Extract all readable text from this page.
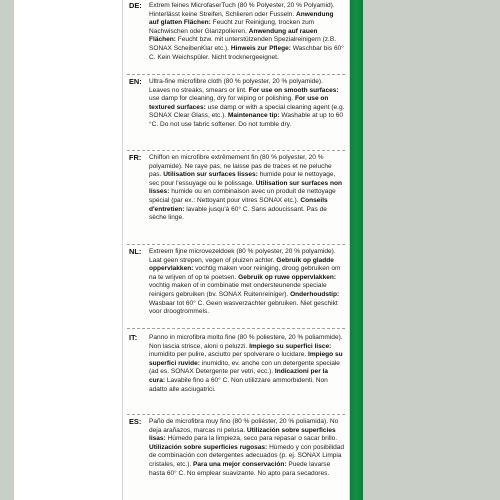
DE: Extrem feines MicrofaserTuch (80 % Polyester, 20 % Polyamid). Hinterlässt keine Streifen, Schlieren oder Fusseln. Anwendung auf glatten Flächen: Feucht zur Reinigung, trocken zum Nachwischen oder Glanzpolieren. Anwendung auf rauen Flächen: Feucht bzw. mit unterstützenden Spezialreinigern (z.B. SONAX ScheibenKlar etc.). Hinweis zur Pflege: Waschbar bis 60° C. Kein Weichspüler. Nicht trocknergeeignet.
EN: Ultra-fine microfibre cloth (80 % polyester, 20 % polyamide). Leaves no streaks, smears or lint. For use on smooth surfaces: use damp for cleaning, dry for wiping or polishing. For use on textured surfaces: use damp or with a special cleaning agent (e.g. SONAX Clear Glass, etc.). Maintenance tip: Washable at up to 60 °C. Do not use fabric softener. Do not tumble dry.
FR: Chiffon en microfibre extrêmement fin (80 % polyester, 20 % polyamide). Ne raye pas, ne laisse pas de traces et ne peluche pas. Utilisation sur surfaces lisses: humide pour le nettoyage, sec pour l'essuyage ou le polissage. Utilisation sur surfaces non lisses: humide ou en combinaison avec un produit de nettoyage spécial (par ex.: Nettoyant pour vitres SONAX etc.). Conseils d'entretien: lavable jusqu'à 60° C. Sans adoucissant. Pas de sèche linge.
NL: Extreem fijne microvezeldoek (80 % polyester, 20 % polyamide). Laat geen strepen, vegen of pluizen achter. Gebruik op gladde oppervlakken: vochtig maken voor reiniging, droog gebruiken om na te wrijven of op te poetsen. Gebruik op ruwe oppervlakken: vochtig maken of in combinatie met ondersteunende speciale reinigers gebruiken (bv. SONAX Ruitenreiniger). Onderhoudstip: Wasbaar tot 60° C. Geen wasverzachter gebruiken. Niet geschikt voor droogtrommels.
IT: Panno in microfibra molto fine (80 % poliestere, 20 % poliammide). Non lascia strisce, aloni o peluzzi. Impiego su superfici lisce: inumidito per pulire, asciutto per spolverare o lucidare. Impiego su superfici ruvide: inumidito, ev. anche con un detergente speciale (ad es. SONAX Detergente per vetri, ecc.). Indicazioni per la cura: Lavabile fino a 60° C. Non utilizzare ammorbidenti. Non adatto alle asciugatrici.
ES: Paño de microfibra muy fino (80 % poliéster, 20 % poliamida). No deja arañazos, marcas ni pelusa. Utilización sobre superficies lisas: Húmedo para la limpieza, seco para repasar o sacar brillo. Utilización sobre superficies rugosas: Húmedo y con posibilidad de combinación con detergentes adecuados (p. ej. SONAX Limpia cristales, etc.). Para una mejor conservación: Puede lavarse hasta 60° C. No emplear suavizante. No apto para secadores.
